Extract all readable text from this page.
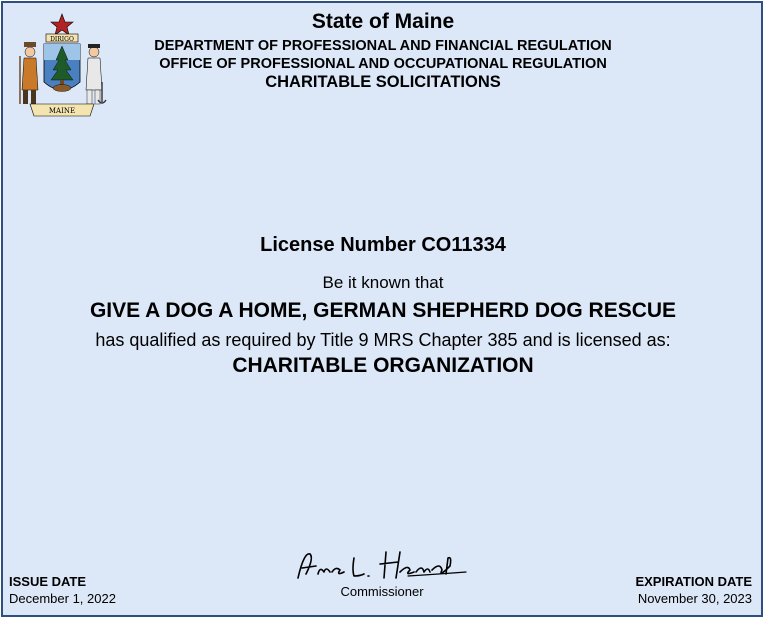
DIRIGO
MAINE
State of Maine
DEPARTMENT OF PROFESSIONAL AND FINANCIAL REGULATION
OFFICE OF PROFESSIONAL AND OCCUPATIONAL REGULATION
CHARITABLE SOLICITATIONS
License Number CO11334
Be it known that
GIVE A DOG A HOME, GERMAN SHEPHERD DOG RESCUE
has qualified as required by Title 9 MRS Chapter 385 and is licensed as:
CHARITABLE ORGANIZATION
Commissioner
ISSUE DATE
December 1, 2022
EXPIRATION DATE
November 30, 2023
